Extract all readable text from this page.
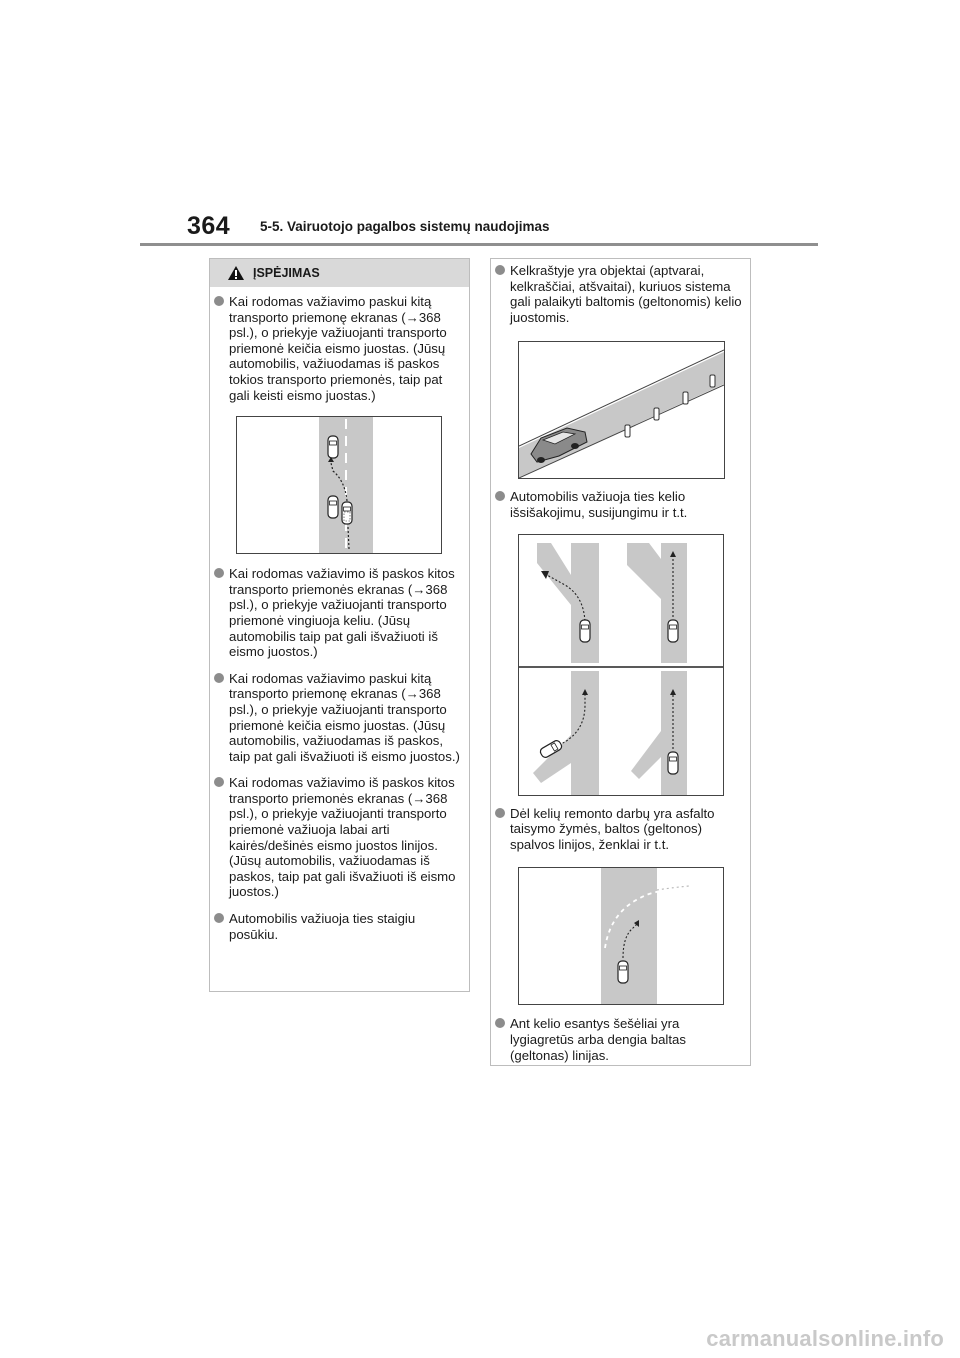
364 5-5. Vairuotojo pagalbos sistemų naudojimas
ĮSPĖJIMAS
Kai rodomas važiavimo paskui kitą transporto priemonę ekranas (→368 psl.), o priekyje važiuojanti transporto priemonė keičia eismo juostas. (Jūsų automobilis, važiuodamas iš paskos tokios transporto priemonės, taip pat gali keisti eismo juostas.)
Kai rodomas važiavimo iš paskos kitos transporto priemonės ekranas (→368 psl.), o priekyje važiuojanti transporto priemonė vingiuoja keliu. (Jūsų automobilis taip pat gali išvažiuoti iš eismo juostos.)
Kai rodomas važiavimo paskui kitą transporto priemonę ekranas (→368 psl.), o priekyje važiuojanti transporto priemonė keičia eismo juostas. (Jūsų automobilis, važiuodamas iš paskos, taip pat gali išvažiuoti iš eismo juostos.)
Kai rodomas važiavimo iš paskos kitos transporto priemonės ekranas (→368 psl.), o priekyje važiuojanti transporto priemonė važiuoja labai arti kairės/dešinės eismo juostos linijos. (Jūsų automobilis, važiuodamas iš paskos, taip pat gali išvažiuoti iš eismo juostos.)
Automobilis važiuoja ties staigiu posūkiu.
Kelkraštyje yra objektai (aptvarai, kelkraščiai, atšvaitai), kuriuos sistema gali palaikyti baltomis (geltonomis) kelio juostomis.
Automobilis važiuoja ties kelio išsišakojimu, susijungimu ir t.t.
Dėl kelių remonto darbų yra asfalto taisymo žymės, baltos (geltonos) spalvos linijos, ženklai ir t.t.
Ant kelio esantys šešėliai yra lygiagretūs arba dengia baltas (geltonas) linijas.
carmanualsonline.info
